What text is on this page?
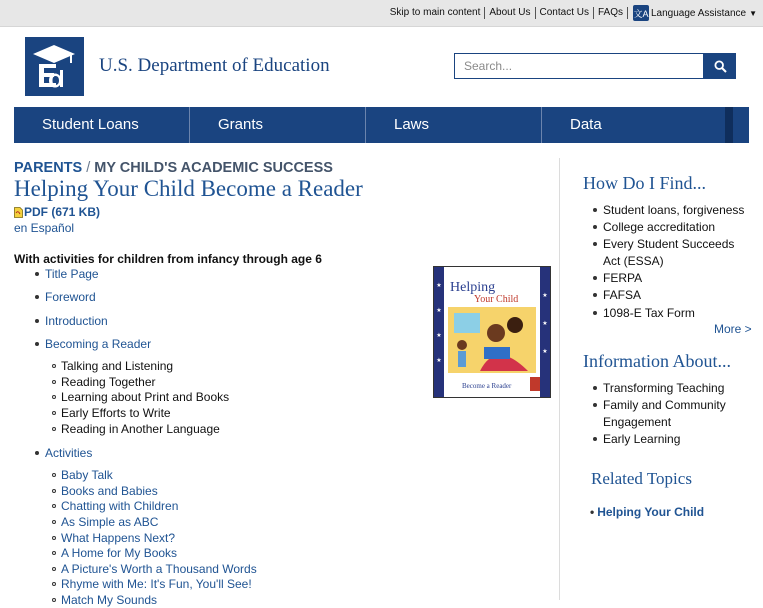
Skip to main content About Us Contact Us FAQs	文A Language Assistance ▼
U.S. Department of Education
Search...
Student Loans	Grants	Laws	Data
PARENTS / MY CHILD'S ACADEMIC SUCCESS
Helping Your Child Become a Reader
PDF (671 KB)
en Español
With activities for children from infancy through age 6
Title Page
Foreword
Introduction
Becoming a Reader
Talking and Listening
Reading Together
Learning about Print and Books
Early Efforts to Write
Reading in Another Language
Activities
Baby Talk
Books and Babies
Chatting with Children
As Simple as ABC
What Happens Next?
A Home for My Books
A Picture's Worth a Thousand Words
Rhyme with Me: It's Fun, You'll See!
Match My Sounds
★
★
★
★
★
★
★
Helping
Your Child
Become a Reader
How Do I Find...
Student loans, forgiveness
College accreditation
Every Student Succeeds Act (ESSA)
FERPA
FAFSA
1098-E Tax Form
More >
Information About...
Transforming Teaching
Family and Community Engagement
Early Learning
Related Topics
• Helping Your Child
